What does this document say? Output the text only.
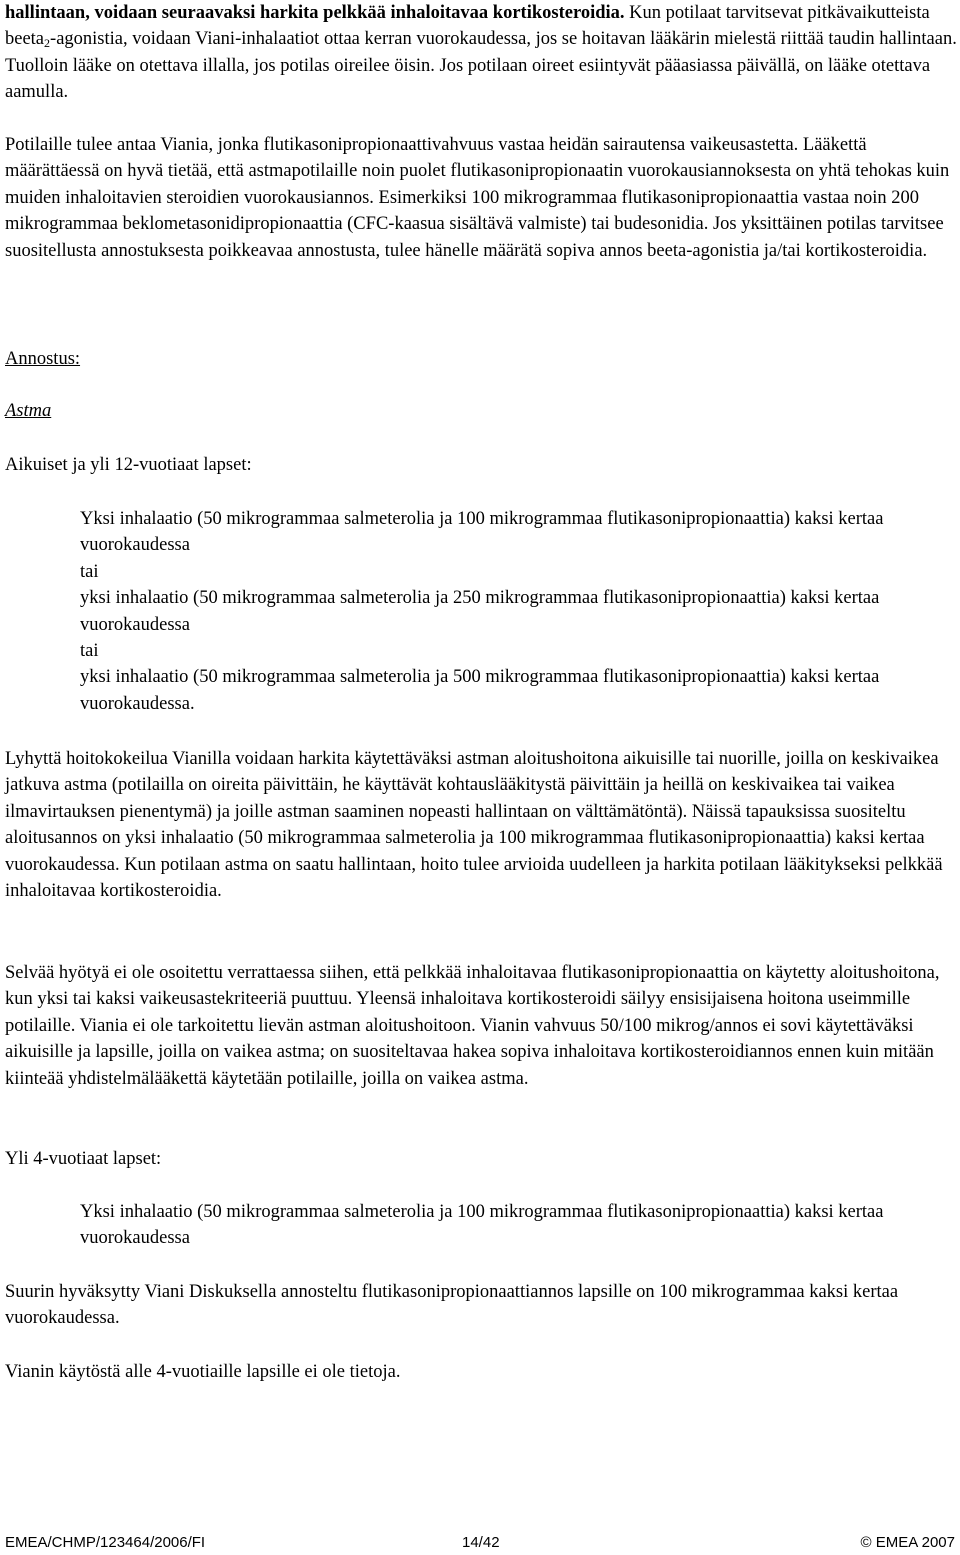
hallintaan, voidaan seuraavaksi harkita pelkkää inhaloitavaa kortikosteroidia. Kun potilaat tarvitsevat pitkävaikutteista beeta$_2$-agonistia, voidaan Viani-inhalaatiot ottaa kerran vuorokaudessa, jos se hoitavan lääkärin mielestä riittää taudin hallintaan. Tuolloin lääke on otettava illalla, jos potilas oireilee öisin. Jos potilaan oireet esiintyvät pääasiassa päivällä, on lääke otettava aamulla.

Potilaille tulee antaa Viania, jonka flutikasonipropionaattivahvuus vastaa heidän sairautensa vaikeusastetta. Lääkettä määrättäessä on hyvä tietää, että astmapotilaille noin puolet flutikasonipropionaatin vuorokausiannoksesta on yhtä tehokas kuin muiden inhaloitavien steroidien vuorokausiannos. Esimerkiksi 100 mikrogrammaa flutikasonipropionaattia vastaa noin 200 mikrogrammaa beklometasonidipropionaattia (CFC-kaasua sisältävä valmiste) tai budesonidia. Jos yksittäinen potilas tarvitsee suositellusta annostuksesta poikkeavaa annostusta, tulee hänelle määrätä sopiva annos beeta-agonistia ja/tai kortikosteroidia.

Annostus:

Astma

Aikuiset ja yli 12-vuotiaat lapset:

Yksi inhalaatio (50 mikrogrammaa salmeterolia ja 100 mikrogrammaa flutikasonipropionaattia) kaksi kertaa vuorokaudessa
tai
yksi inhalaatio (50 mikrogrammaa salmeterolia ja 250 mikrogrammaa flutikasonipropionaattia) kaksi kertaa vuorokaudessa
tai
yksi inhalaatio (50 mikrogrammaa salmeterolia ja 500 mikrogrammaa flutikasonipropionaattia) kaksi kertaa vuorokaudessa.

Lyhyttä hoitokokeilua Vianilla voidaan harkita käytettäväksi astman aloitushoitona aikuisille tai nuorille, joilla on keskivaikea jatkuva astma (potilailla on oireita päivittäin, he käyttävät kohtauslääkitystä päivittäin ja heillä on keskivaikea tai vaikea ilmavirtauksen pienentymä) ja joille astman saaminen nopeasti hallintaan on välttämätöntä). Näissä tapauksissa suositeltu aloitusannos on yksi inhalaatio (50 mikrogrammaa salmeterolia ja 100 mikrogrammaa flutikasonipropionaattia) kaksi kertaa vuorokaudessa. Kun potilaan astma on saatu hallintaan, hoito tulee arvioida uudelleen ja harkita potilaan lääkitykseksi pelkkää inhaloitavaa kortikosteroidia.

Selvää hyötyä ei ole osoitettu verrattaessa siihen, että pelkkää inhaloitavaa flutikasonipropionaattia on käytetty aloitushoitona, kun yksi tai kaksi vaikeusastekriteeriä puuttuu. Yleensä inhaloitava kortikosteroidi säilyy ensisijaisena hoitona useimmille potilaille. Viania ei ole tarkoitettu lievän astman aloitushoitoon. Vianin vahvuus 50/100 mikrog/annos ei sovi käytettäväksi aikuisille ja lapsille, joilla on vaikea astma; on suositeltavaa hakea sopiva inhaloitava kortikosteroidiannos ennen kuin mitään kiinteää yhdistelmälääkettä käytetään potilaille, joilla on vaikea astma.

Yli 4-vuotiaat lapset:

Yksi inhalaatio (50 mikrogrammaa salmeterolia ja 100 mikrogrammaa flutikasonipropionaattia) kaksi kertaa vuorokaudessa

Suurin hyväksytty Viani Diskuksella annosteltu flutikasonipropionaattiannos lapsille on 100 mikrogrammaa kaksi kertaa vuorokaudessa.

Vianin käytöstä alle 4-vuotiaille lapsille ei ole tietoja.

EMEA/CHMP/123464/2006/FI	14/42	© EMEA 2007
